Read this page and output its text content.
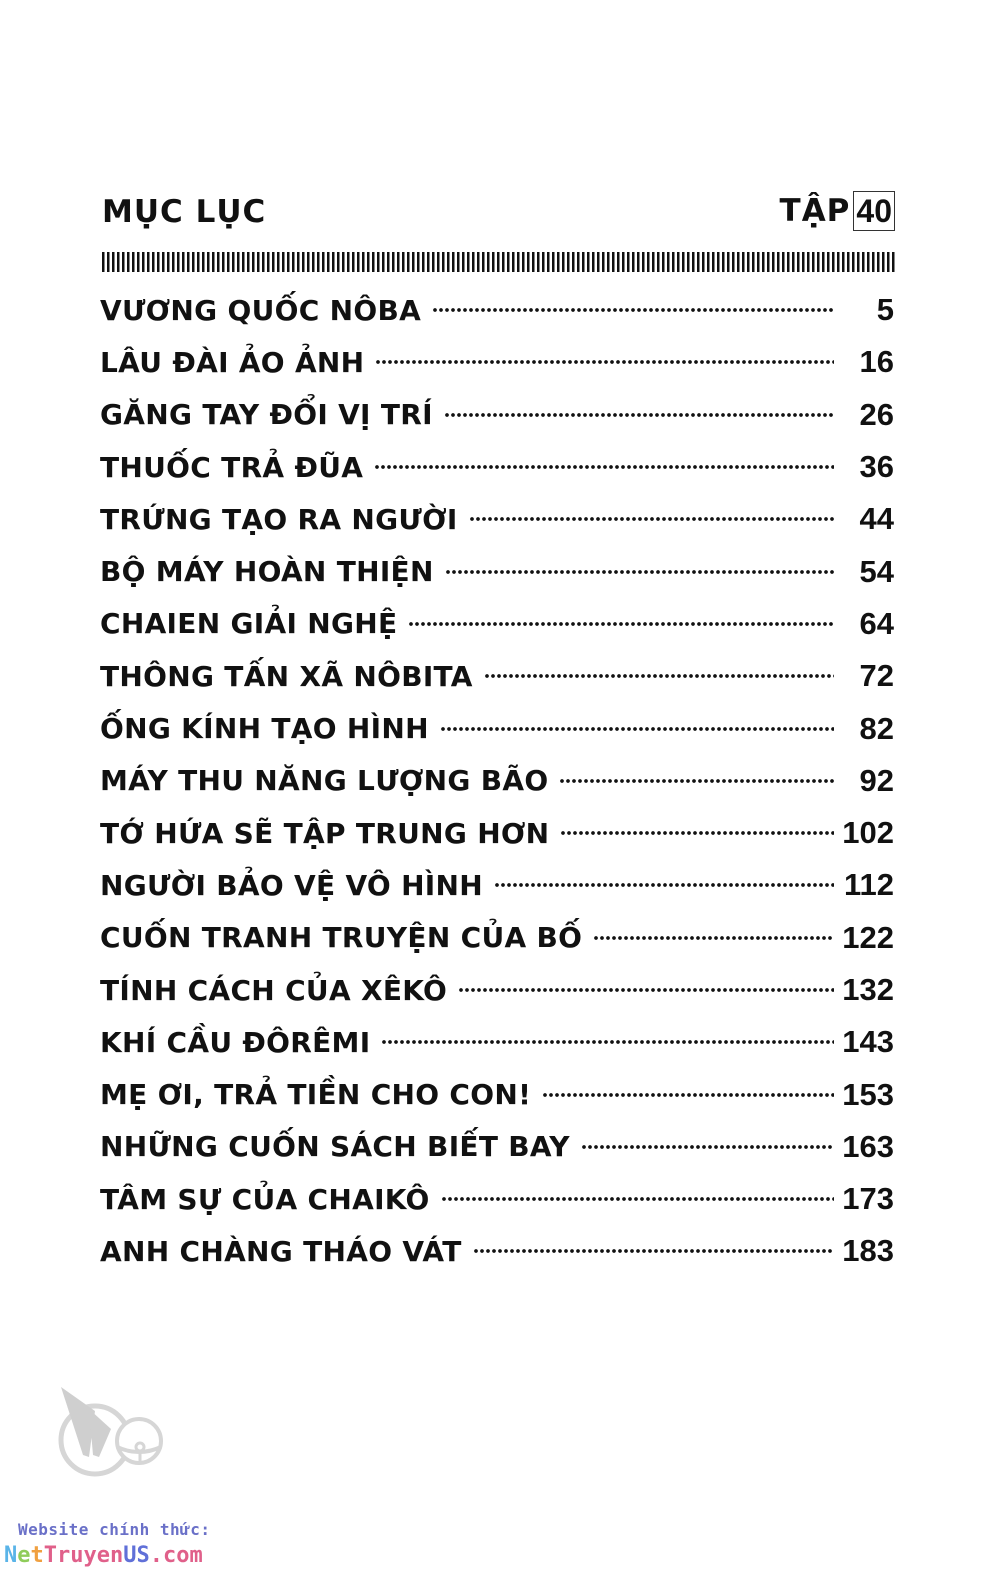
MỤC LỤC	TẬP 40
VƯƠNG QUỐC NÔBA	5
LÂU ĐÀI ẢO ẢNH	16
GĂNG TAY ĐỔI VỊ TRÍ	26
THUỐC TRẢ ĐŨA	36
TRỨNG TẠO RA NGƯỜI	44
BỘ MÁY HOÀN THIỆN	54
CHAIEN GIẢI NGHỆ	64
THÔNG TẤN XÃ NÔBITA	72
ỐNG KÍNH TẠO HÌNH	82
MÁY THU NĂNG LƯỢNG BÃO	92
TỚ HỨA SẼ TẬP TRUNG HƠN	102
NGƯỜI BẢO VỆ VÔ HÌNH	112
CUỐN TRANH TRUYỆN CỦA BỐ	122
TÍNH CÁCH CỦA XÊKÔ	132
KHÍ CẦU ĐÔRÊMI	143
MẸ ƠI, TRẢ TIỀN CHO CON!	153
NHỮNG CUỐN SÁCH BIẾT BAY	163
TÂM SỰ CỦA CHAIKÔ	173
ANH CHÀNG THÁO VÁT	183
Website chính thức:
NetTruyenUS.com
